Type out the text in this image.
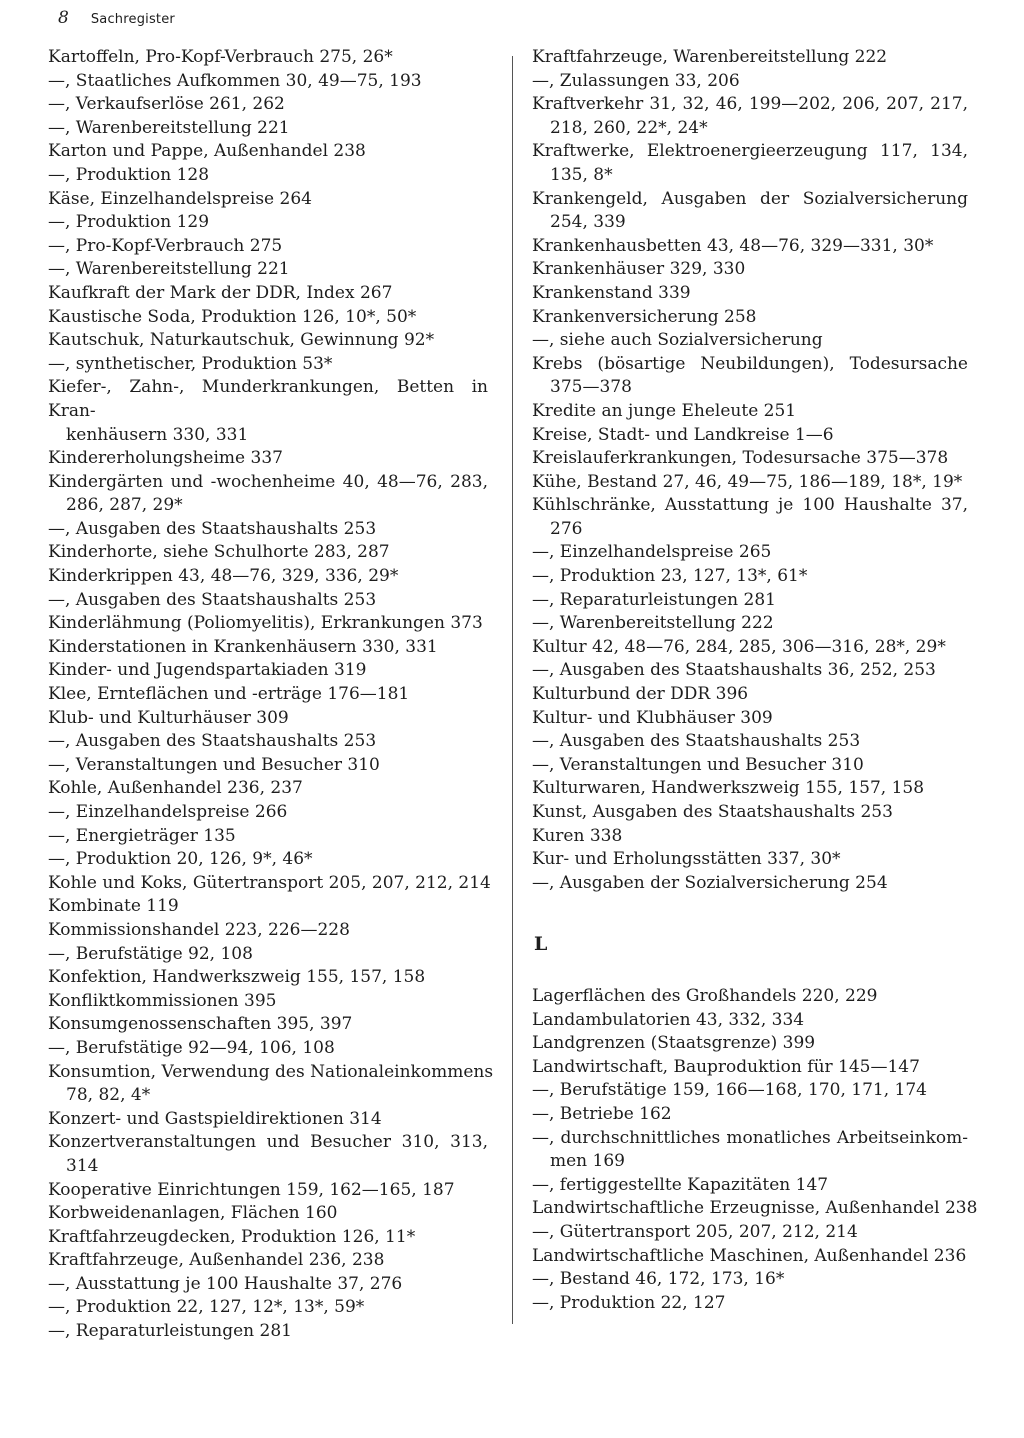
8 Sachregister
Kartoffeln, Pro-Kopf-Verbrauch 275, 26*
—, Staatliches Aufkommen 30, 49—75, 193
—, Verkaufserlöse 261, 262
—, Warenbereitstellung 221
Karton und Pappe, Außenhandel 238
—, Produktion 128
Käse, Einzelhandelspreise 264
—, Produktion 129
—, Pro-Kopf-Verbrauch 275
—, Warenbereitstellung 221
Kaufkraft der Mark der DDR, Index 267
Kaustische Soda, Produktion 126, 10*, 50*
Kautschuk, Naturkautschuk, Gewinnung 92*
—, synthetischer, Produktion 53*
Kiefer-, Zahn-, Munderkrankungen, Betten in Kran-
kenhäusern 330, 331
Kindererholungsheime 337
Kindergärten und -wochenheime 40, 48—76, 283,
286, 287, 29*
—, Ausgaben des Staatshaushalts 253
Kinderhorte, siehe Schulhorte 283, 287
Kinderkrippen 43, 48—76, 329, 336, 29*
—, Ausgaben des Staatshaushalts 253
Kinderlähmung (Poliomyelitis), Erkrankungen 373
Kinderstationen in Krankenhäusern 330, 331
Kinder- und Jugendspartakiaden 319
Klee, Ernteflächen und -erträge 176—181
Klub- und Kulturhäuser 309
—, Ausgaben des Staatshaushalts 253
—, Veranstaltungen und Besucher 310
Kohle, Außenhandel 236, 237
—, Einzelhandelspreise 266
—, Energieträger 135
—, Produktion 20, 126, 9*, 46*
Kohle und Koks, Gütertransport 205, 207, 212, 214
Kombinate 119
Kommissionshandel 223, 226—228
—, Berufstätige 92, 108
Konfektion, Handwerkszweig 155, 157, 158
Konfliktkommissionen 395
Konsumgenossenschaften 395, 397
—, Berufstätige 92—94, 106, 108
Konsumtion, Verwendung des Nationaleinkommens
78, 82, 4*
Konzert- und Gastspieldirektionen 314
Konzertveranstaltungen und Besucher 310, 313,
314
Kooperative Einrichtungen 159, 162—165, 187
Korbweidenanlagen, Flächen 160
Kraftfahrzeugdecken, Produktion 126, 11*
Kraftfahrzeuge, Außenhandel 236, 238
—, Ausstattung je 100 Haushalte 37, 276
—, Produktion 22, 127, 12*, 13*, 59*
—, Reparaturleistungen 281
Kraftfahrzeuge, Warenbereitstellung 222
—, Zulassungen 33, 206
Kraftverkehr 31, 32, 46, 199—202, 206, 207, 217,
218, 260, 22*, 24*
Kraftwerke, Elektroenergieerzeugung 117, 134,
135, 8*
Krankengeld, Ausgaben der Sozialversicherung
254, 339
Krankenhausbetten 43, 48—76, 329—331, 30*
Krankenhäuser 329, 330
Krankenstand 339
Krankenversicherung 258
—, siehe auch Sozialversicherung
Krebs (bösartige Neubildungen), Todesursache
375—378
Kredite an junge Eheleute 251
Kreise, Stadt- und Landkreise 1—6
Kreislauferkrankungen, Todesursache 375—378
Kühe, Bestand 27, 46, 49—75, 186—189, 18*, 19*
Kühlschränke, Ausstattung je 100 Haushalte 37,
276
—, Einzelhandelspreise 265
—, Produktion 23, 127, 13*, 61*
—, Reparaturleistungen 281
—, Warenbereitstellung 222
Kultur 42, 48—76, 284, 285, 306—316, 28*, 29*
—, Ausgaben des Staatshaushalts 36, 252, 253
Kulturbund der DDR 396
Kultur- und Klubhäuser 309
—, Ausgaben des Staatshaushalts 253
—, Veranstaltungen und Besucher 310
Kulturwaren, Handwerkszweig 155, 157, 158
Kunst, Ausgaben des Staatshaushalts 253
Kuren 338
Kur- und Erholungsstätten 337, 30*
—, Ausgaben der Sozialversicherung 254
L
Lagerflächen des Großhandels 220, 229
Landambulatorien 43, 332, 334
Landgrenzen (Staatsgrenze) 399
Landwirtschaft, Bauproduktion für 145—147
—, Berufstätige 159, 166—168, 170, 171, 174
—, Betriebe 162
—, durchschnittliches monatliches Arbeitseinkom-
men 169
—, fertiggestellte Kapazitäten 147
Landwirtschaftliche Erzeugnisse, Außenhandel 238
—, Gütertransport 205, 207, 212, 214
Landwirtschaftliche Maschinen, Außenhandel 236
—, Bestand 46, 172, 173, 16*
—, Produktion 22, 127
